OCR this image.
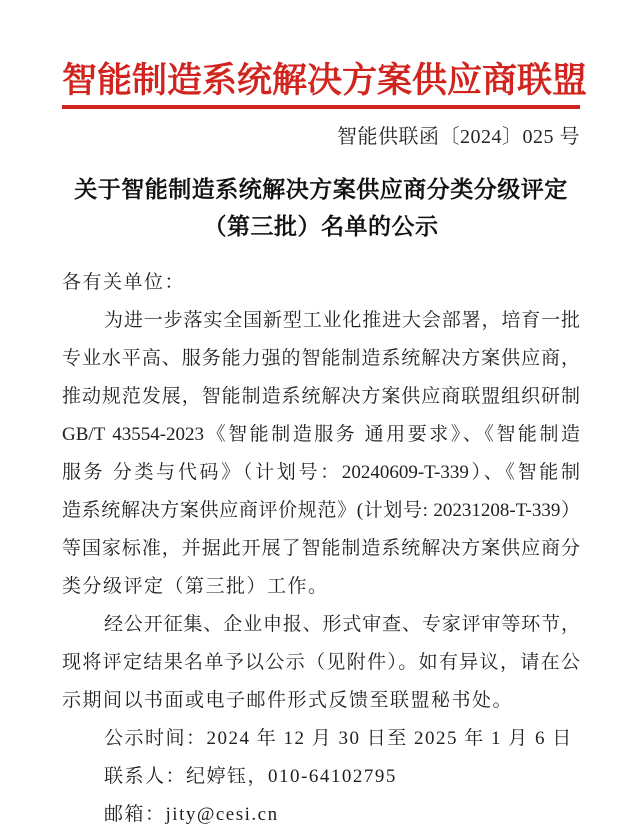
智能制造系统解决方案供应商联盟
智能供联函〔2024〕025 号
关于智能制造系统解决方案供应商分类分级评定
（第三批）名单的公示
各有关单位：
为进一步落实全国新型工业化推进大会部署，培育一批
专业水平高、服务能力强的智能制造系统解决方案供应商，
推动规范发展，智能制造系统解决方案供应商联盟组织研制
GB/T 43554-2023《智能制造服务 通用要求》、《智能制造
服务 分类与代码》（计划号：20240609-T-339）、《智能制
造系统解决方案供应商评价规范》(计划号: 20231208-T-339）
等国家标准，并据此开展了智能制造系统解决方案供应商分
类分级评定（第三批）工作。
经公开征集、企业申报、形式审查、专家评审等环节，
现将评定结果名单予以公示（见附件）。如有异议，请在公
示期间以书面或电子邮件形式反馈至联盟秘书处。
公示时间：2024 年 12 月 30 日至 2025 年 1 月 6 日
联系人：纪婷钰，010-64102795
邮箱：jity@cesi.cn
